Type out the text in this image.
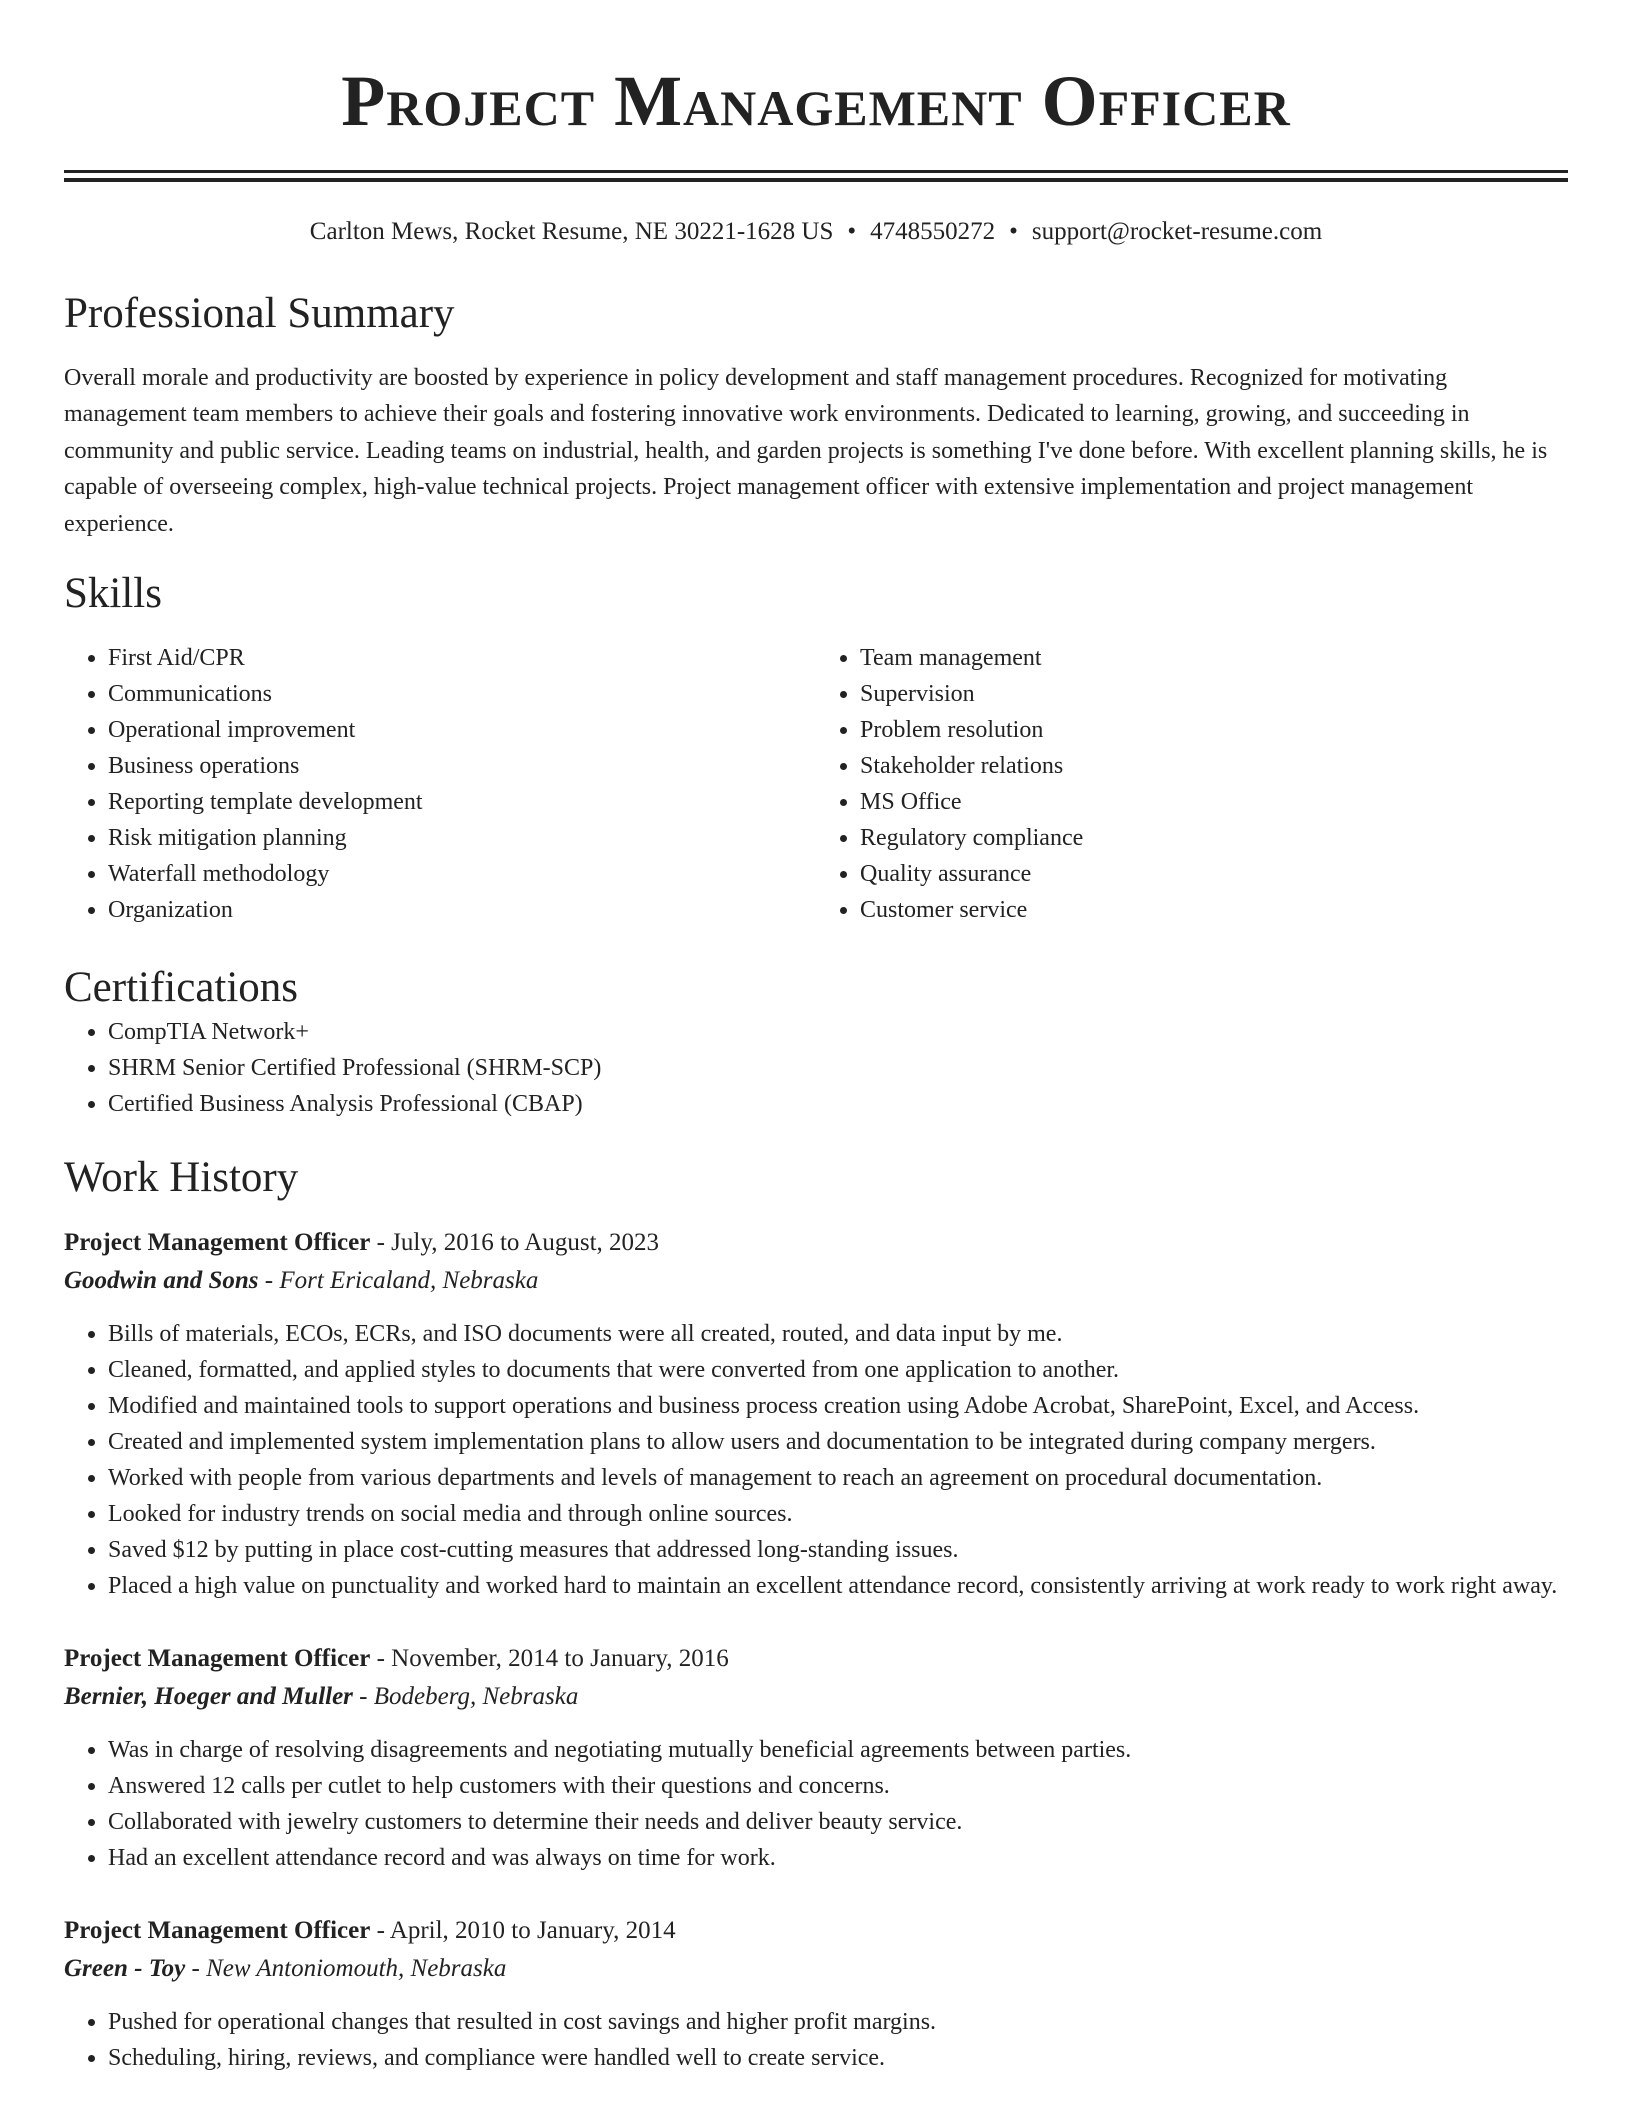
Project Management Officer
Carlton Mews, Rocket Resume, NE 30221-1628 US • 4748550272 • support@rocket-resume.com
Professional Summary

Overall morale and productivity are boosted by experience in policy development and staff management procedures. Recognized for motivating management team members to achieve their goals and fostering innovative work environments. Dedicated to learning, growing, and succeeding in community and public service. Leading teams on industrial, health, and garden projects is something I've done before. With excellent planning skills, he is capable of overseeing complex, high-value technical projects. Project management officer with extensive implementation and project management experience.

Skills
• First Aid/CPR
• Communications
• Operational improvement
• Business operations
• Reporting template development
• Risk mitigation planning
• Waterfall methodology
• Organization
• Team management
• Supervision
• Problem resolution
• Stakeholder relations
• MS Office
• Regulatory compliance
• Quality assurance
• Customer service
Certifications
• CompTIA Network+
• SHRM Senior Certified Professional (SHRM-SCP)
• Certified Business Analysis Professional (CBAP)
Work History
Project Management Officer - July, 2016 to August, 2023
Goodwin and Sons - Fort Ericaland, Nebraska
• Bills of materials, ECOs, ECRs, and ISO documents were all created, routed, and data input by me.
• Cleaned, formatted, and applied styles to documents that were converted from one application to another.
• Modified and maintained tools to support operations and business process creation using Adobe Acrobat, SharePoint, Excel, and Access.
• Created and implemented system implementation plans to allow users and documentation to be integrated during company mergers.
• Worked with people from various departments and levels of management to reach an agreement on procedural documentation.
• Looked for industry trends on social media and through online sources.
• Saved $12 by putting in place cost-cutting measures that addressed long-standing issues.
• Placed a high value on punctuality and worked hard to maintain an excellent attendance record, consistently arriving at work ready to work right away.
Project Management Officer - November, 2014 to January, 2016
Bernier, Hoeger and Muller - Bodeberg, Nebraska
• Was in charge of resolving disagreements and negotiating mutually beneficial agreements between parties.
• Answered 12 calls per cutlet to help customers with their questions and concerns.
• Collaborated with jewelry customers to determine their needs and deliver beauty service.
• Had an excellent attendance record and was always on time for work.
Project Management Officer - April, 2010 to January, 2014
Green - Toy - New Antoniomouth, Nebraska
• Pushed for operational changes that resulted in cost savings and higher profit margins.
• Scheduling, hiring, reviews, and compliance were handled well to create service.
